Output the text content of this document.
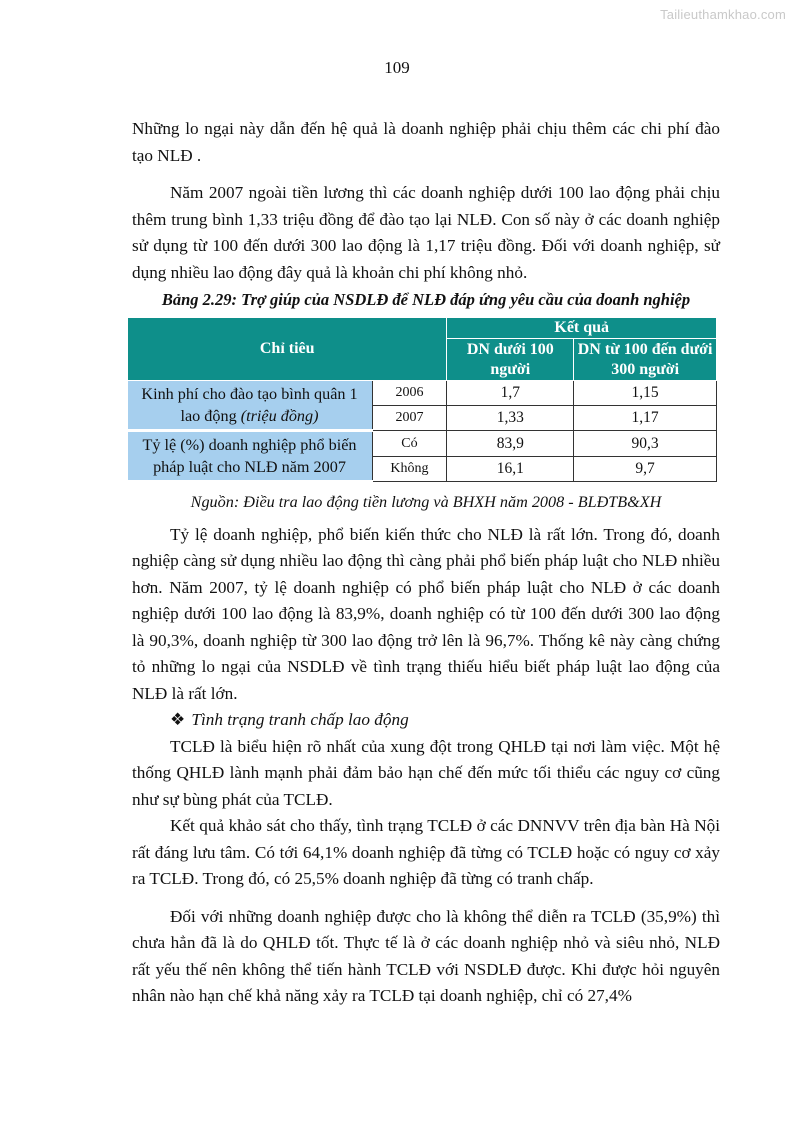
Tailieuthamkhao.com
109

Những lo ngại này dẫn đến hệ quả là doanh nghiệp phải chịu thêm các chi phí đào tạo NLĐ .

Năm 2007 ngoài tiền lương thì các doanh nghiệp dưới 100 lao động phải chịu thêm trung bình 1,33 triệu đồng để đào tạo lại NLĐ. Con số này ở các doanh nghiệp sử dụng từ 100 đến dưới 300 lao động là 1,17 triệu đồng. Đối với doanh nghiệp, sử dụng nhiều lao động đây quả là khoản chi phí không nhỏ.

Bảng 2.29: Trợ giúp của NSDLĐ để NLĐ đáp ứng yêu cầu của doanh nghiệp

Chỉ tiêu		Kết quả	
		DN dưới 100 người	DN từ 100 đến dưới 300 người
Kinh phí cho đào tạo bình quân 1 lao động (triệu đồng)	2006	1,7	1,15
	2007	1,33	1,17
Tỷ lệ (%) doanh nghiệp phổ biến pháp luật cho NLĐ năm 2007	Có	83,9	90,3
	Không	16,1	9,7

Nguồn: Điều tra lao động tiền lương và BHXH năm 2008 - BLĐTB&XH

Tỷ lệ doanh nghiệp, phổ biến kiến thức cho NLĐ là rất lớn. Trong đó, doanh nghiệp càng sử dụng nhiều lao động thì càng phải phổ biến pháp luật cho NLĐ nhiều hơn. Năm 2007, tỷ lệ doanh nghiệp có phổ biến pháp luật cho NLĐ ở các doanh nghiệp dưới 100 lao động là 83,9%, doanh nghiệp có từ 100 đến dưới 300 lao động là 90,3%, doanh nghiệp từ 300 lao động trở lên là 96,7%. Thống kê này càng chứng tỏ những lo ngại của NSDLĐ về tình trạng thiếu hiểu biết pháp luật lao động của NLĐ là rất lớn.

❖ Tình trạng tranh chấp lao động

TCLĐ là biểu hiện rõ nhất của xung đột trong QHLĐ tại nơi làm việc. Một hệ thống QHLĐ lành mạnh phải đảm bảo hạn chế đến mức tối thiểu các nguy cơ cũng như sự bùng phát của TCLĐ.

Kết quả khảo sát cho thấy, tình trạng TCLĐ ở các DNNVV trên địa bàn Hà Nội rất đáng lưu tâm. Có tới 64,1% doanh nghiệp đã từng có TCLĐ hoặc có nguy cơ xảy ra TCLĐ. Trong đó, có 25,5% doanh nghiệp đã từng có tranh chấp.

Đối với những doanh nghiệp được cho là không thể diễn ra TCLĐ (35,9%) thì chưa hẳn đã là do QHLĐ tốt. Thực tế là ở các doanh nghiệp nhỏ và siêu nhỏ, NLĐ rất yếu thế nên không thể tiến hành TCLĐ với NSDLĐ được. Khi được hỏi nguyên nhân nào hạn chế khả năng xảy ra TCLĐ tại doanh nghiệp, chỉ có 27,4%
